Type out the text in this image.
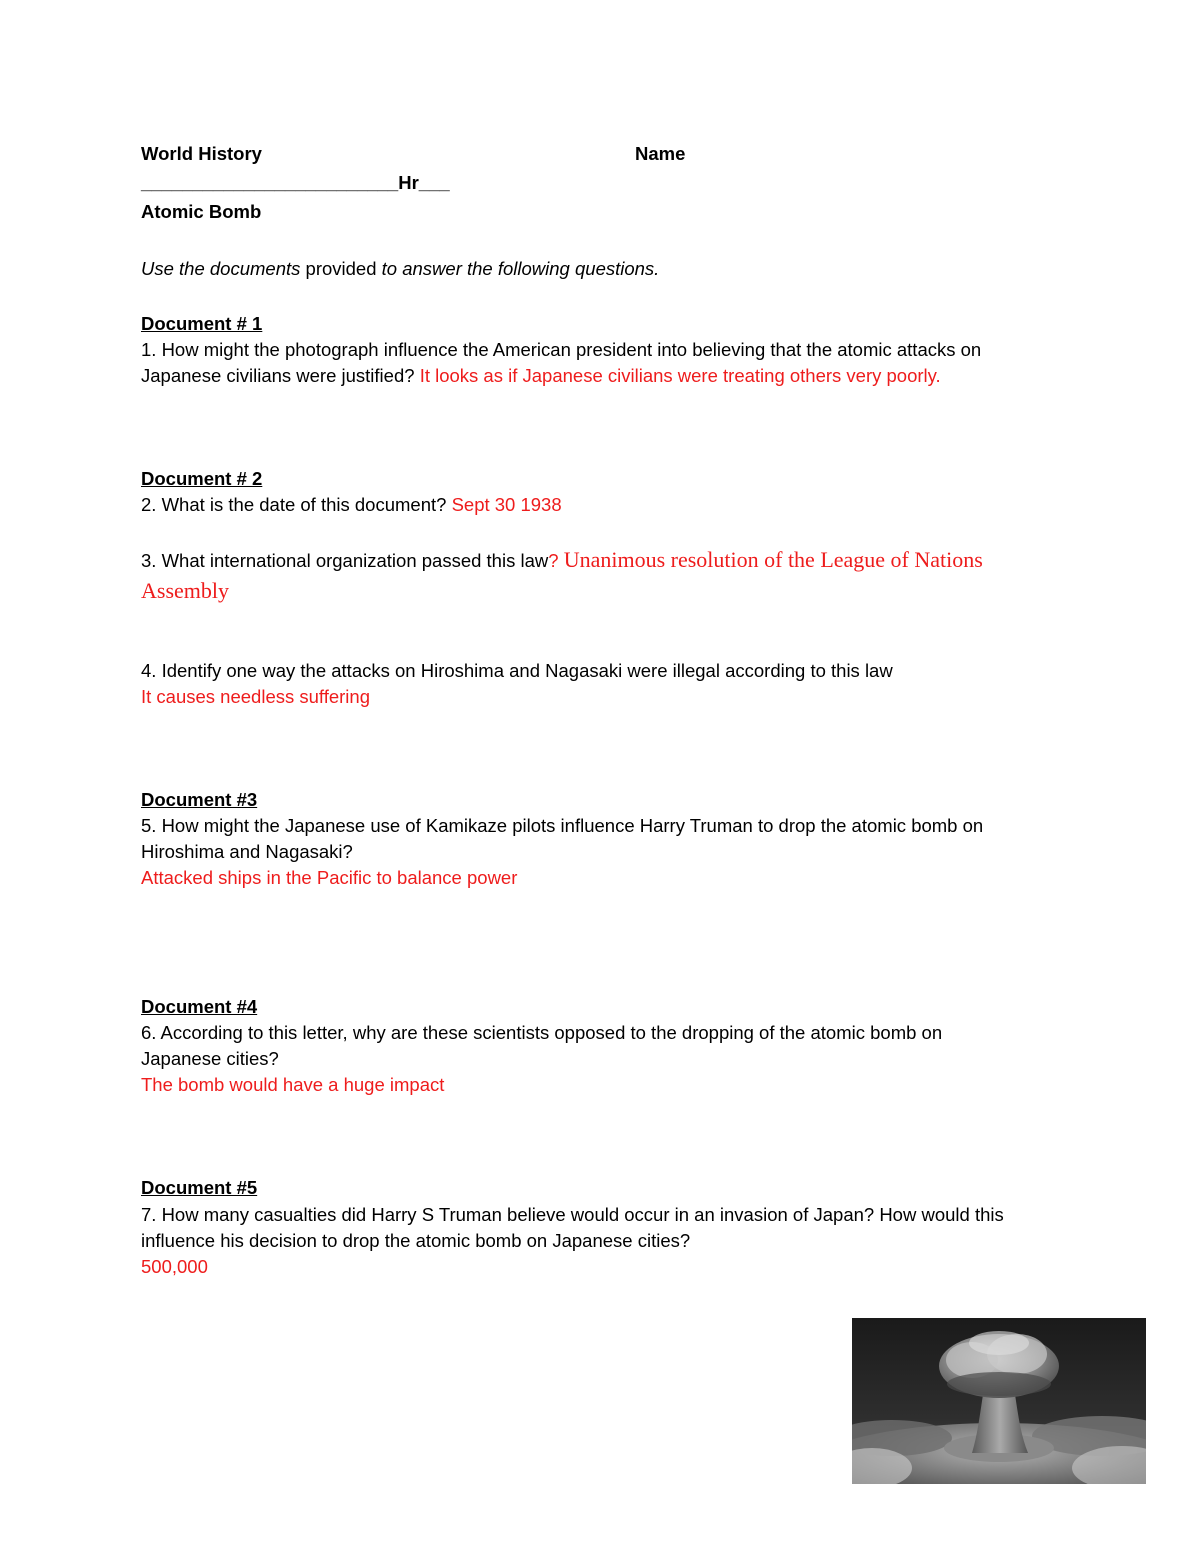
World History	Name
_________________________Hr___
Atomic Bomb
Use the documents provided to answer the following questions.
Document # 1
1. How might the photograph influence the American president into believing that the atomic attacks on
Japanese civilians were justified? It looks as if Japanese civilians were treating others very poorly.
Document # 2
2. What is the date of this document? Sept 30 1938
3. What international organization passed this law? Unanimous resolution of the League of Nations
Assembly
4. Identify one way the attacks on Hiroshima and Nagasaki were illegal according to this law
It causes needless suffering
Document #3
5. How might the Japanese use of Kamikaze pilots influence Harry Truman to drop the atomic bomb on
Hiroshima and Nagasaki?
Attacked ships in the Pacific to balance power
Document #4
6. According to this letter, why are these scientists opposed to the dropping of the atomic bomb on
Japanese cities?
The bomb would have a huge impact
Document #5
7. How many casualties did Harry S Truman believe would occur in an invasion of Japan? How would this
influence his decision to drop the atomic bomb on Japanese cities?
500,000
